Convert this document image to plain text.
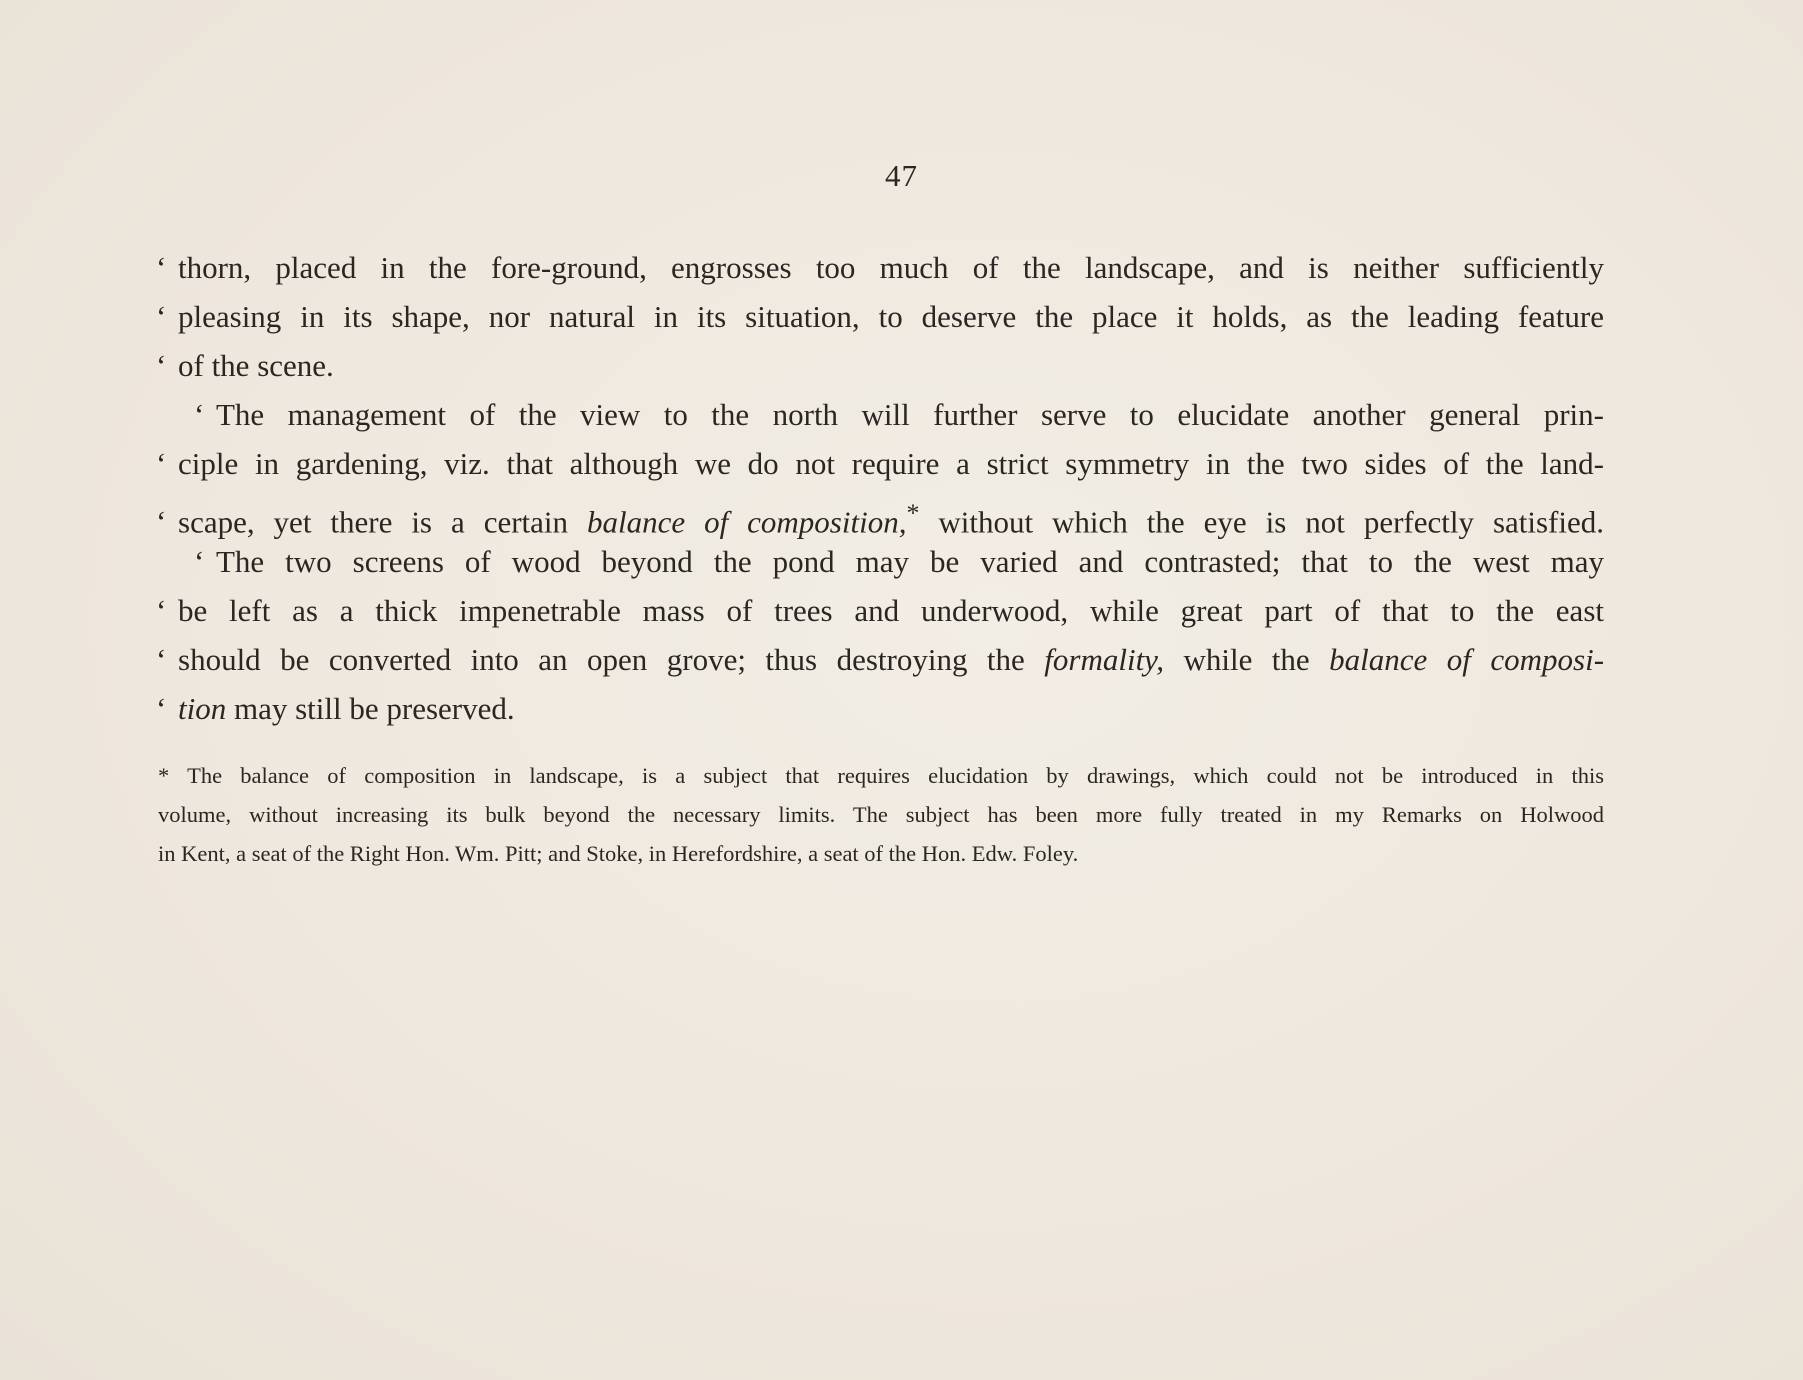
47
‘ thorn, placed in the fore-ground, engrosses too much of the landscape, and is neither sufficiently
‘ pleasing in its shape, nor natural in its situation, to deserve the place it holds, as the leading feature
‘ of the scene.
‘ The management of the view to the north will further serve to elucidate another general prin-
‘ ciple in gardening, viz. that although we do not require a strict symmetry in the two sides of the land-
‘ scape, yet there is a certain balance of composition,* without which the eye is not perfectly satisfied.
‘ The two screens of wood beyond the pond may be varied and contrasted; that to the west may
‘ be left as a thick impenetrable mass of trees and underwood, while great part of that to the east
‘ should be converted into an open grove; thus destroying the formality, while the balance of composi-
‘ tion may still be preserved.
* The balance of composition in landscape, is a subject that requires elucidation by drawings, which could not be introduced in this
volume, without increasing its bulk beyond the necessary limits. The subject has been more fully treated in my Remarks on Holwood
in Kent, a seat of the Right Hon. Wm. Pitt; and Stoke, in Herefordshire, a seat of the Hon. Edw. Foley.
